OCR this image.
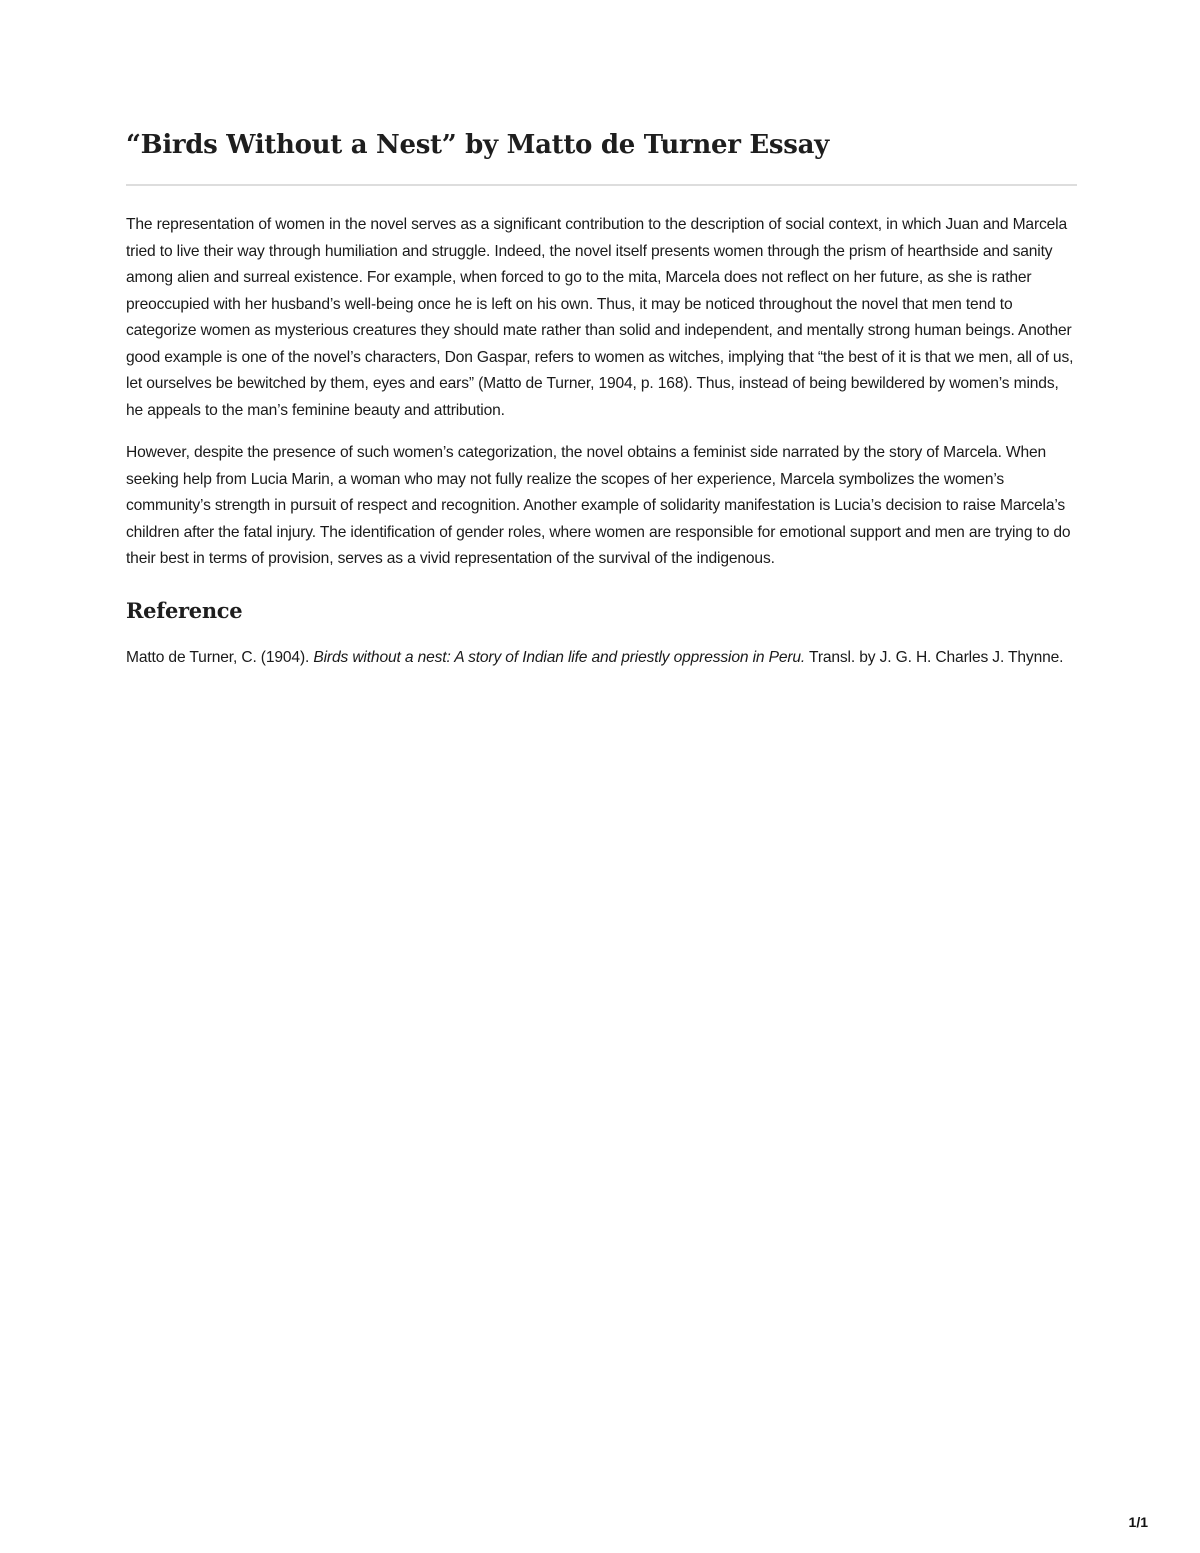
“Birds Without a Nest” by Matto de Turner Essay

The representation of women in the novel serves as a significant contribution to the description of social context, in which Juan and Marcela tried to live their way through humiliation and struggle. Indeed, the novel itself presents women through the prism of hearthside and sanity among alien and surreal existence. For example, when forced to go to the mita, Marcela does not reflect on her future, as she is rather preoccupied with her husband’s well-being once he is left on his own. Thus, it may be noticed throughout the novel that men tend to categorize women as mysterious creatures they should mate rather than solid and independent, and mentally strong human beings. Another good example is one of the novel’s characters, Don Gaspar, refers to women as witches, implying that “the best of it is that we men, all of us, let ourselves be bewitched by them, eyes and ears” (Matto de Turner, 1904, p. 168). Thus, instead of being bewildered by women’s minds, he appeals to the man’s feminine beauty and attribution.

However, despite the presence of such women’s categorization, the novel obtains a feminist side narrated by the story of Marcela. When seeking help from Lucia Marin, a woman who may not fully realize the scopes of her experience, Marcela symbolizes the women’s community’s strength in pursuit of respect and recognition. Another example of solidarity manifestation is Lucia’s decision to raise Marcela’s children after the fatal injury. The identification of gender roles, where women are responsible for emotional support and men are trying to do their best in terms of provision, serves as a vivid representation of the survival of the indigenous.

Reference

Matto de Turner, C. (1904). Birds without a nest: A story of Indian life and priestly oppression in Peru. Transl. by J. G. H. Charles J. Thynne.

1/1
